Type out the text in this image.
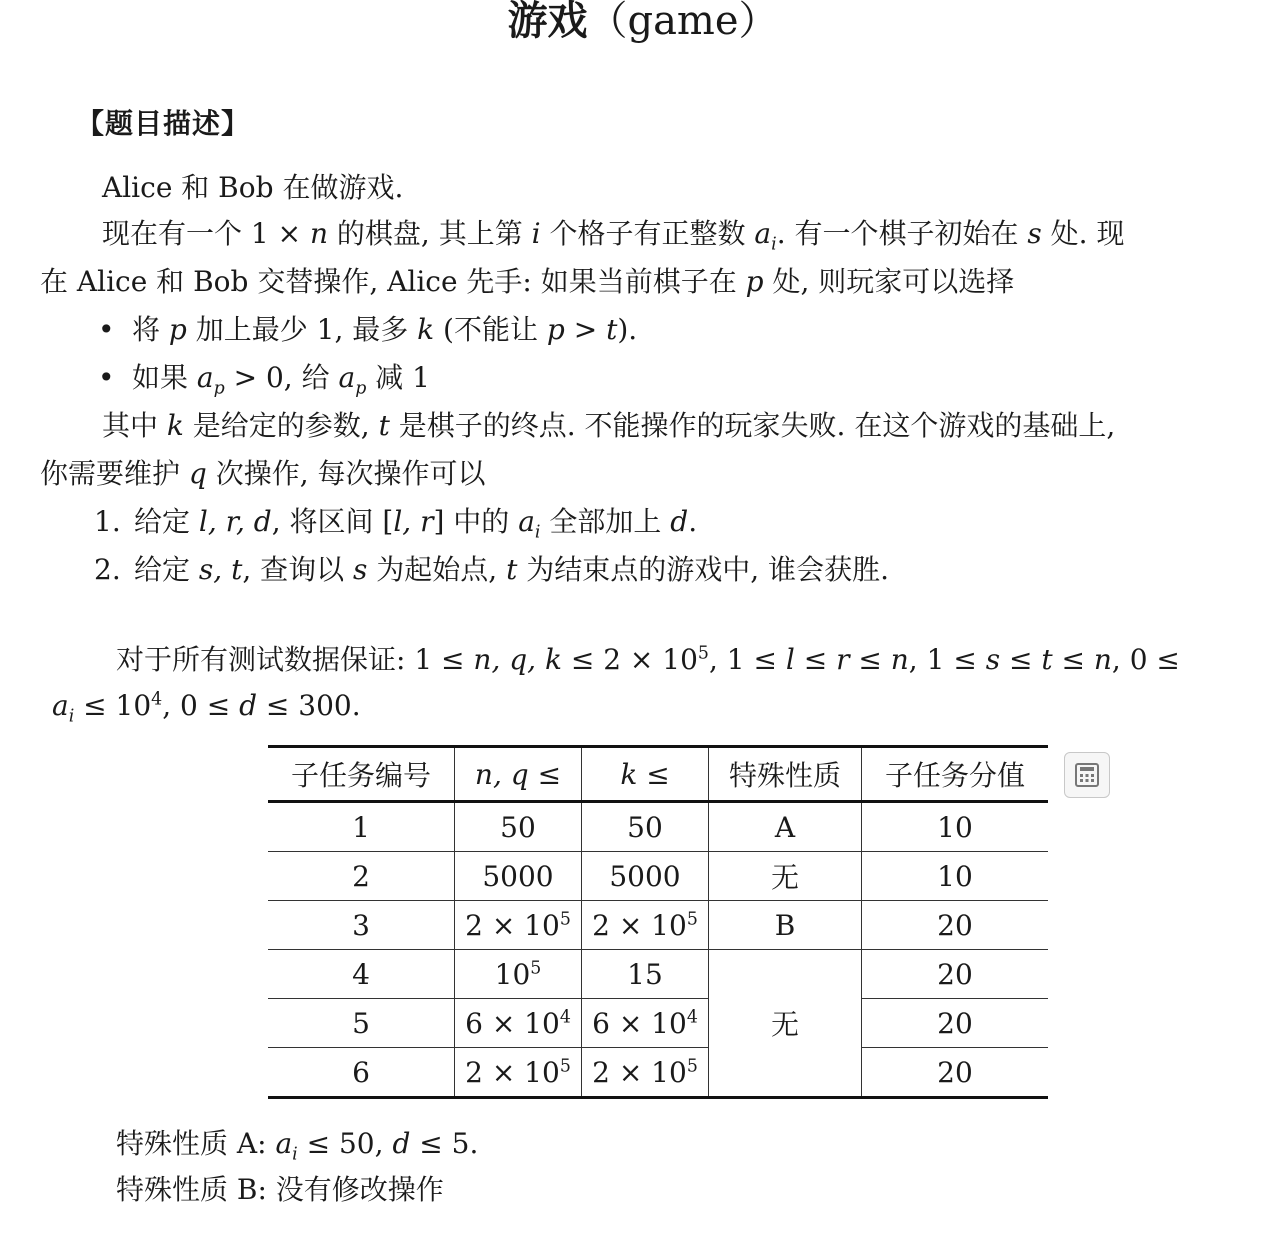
游戏（game）
【题目描述】
Alice 和 Bob 在做游戏.
现在有一个 1 × n 的棋盘, 其上第 i 个格子有正整数 $a_i$. 有一个棋子初始在 s 处. 现
在 Alice 和 Bob 交替操作, Alice 先手: 如果当前棋子在 p 处, 则玩家可以选择
• 将 p 加上最少 1, 最多 k (不能让 p > t).
• 如果 $a_p > 0$, 给 $a_p$ 减 1
其中 k 是给定的参数, t 是棋子的终点. 不能操作的玩家失败. 在这个游戏的基础上,
你需要维护 q 次操作, 每次操作可以
1. 给定 l, r, d, 将区间 [l, r] 中的 $a_i$ 全部加上 d.
2. 给定 s, t, 查询以 s 为起始点, t 为结束点的游戏中, 谁会获胜.
对于所有测试数据保证: 1 ≤ n, q, $k \le 2 \times 10^5$, 1 ≤ l ≤ r ≤ n, 1 ≤ s ≤ t ≤ n, 0 ≤
$a_i \le 10^4$, 0 ≤ d ≤ 300.
子任务编号	n, q ≤	k ≤	特殊性质	子任务分值
1	50	50	A	10
2	5000	5000	无	10
3	$2 \times 10^5$	$2 \times 10^5$	B	20
4	$10^5$	15	无	20
5	$6 \times 10^4$	$6 \times 10^4$		20
6	$2 \times 10^5$	$2 \times 10^5$		20
特殊性质 A: $a_i \le 50$, d ≤ 5.
特殊性质 B: 没有修改操作
